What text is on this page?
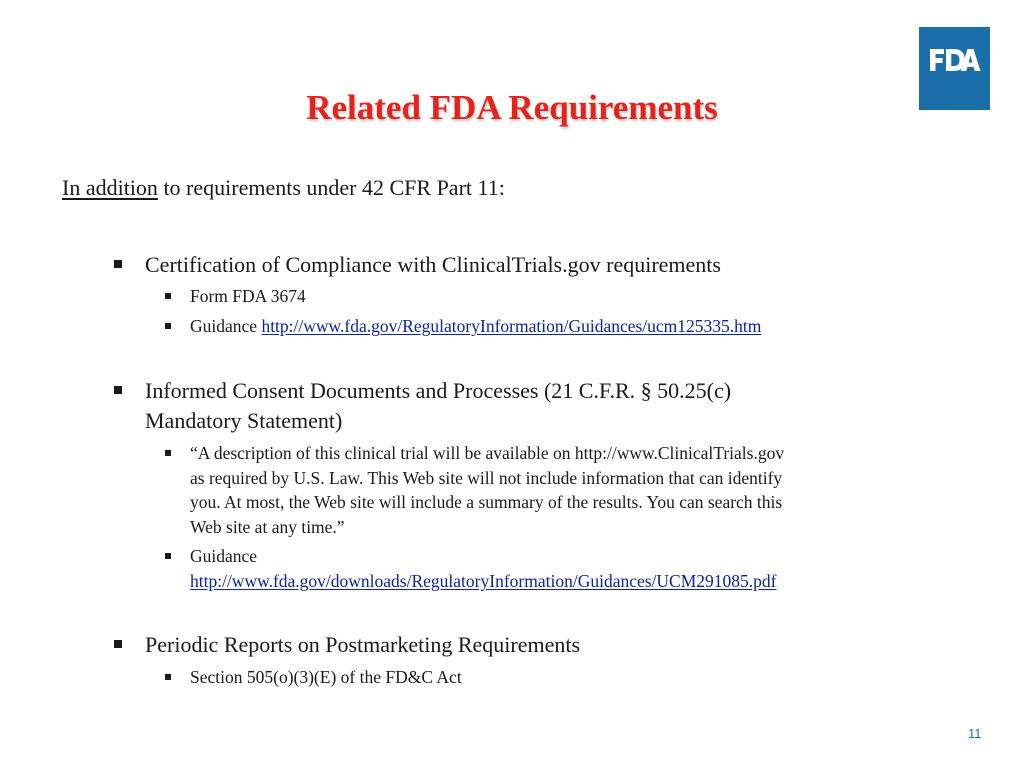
Related FDA Requirements
In addition to requirements under 42 CFR Part 11:
Certification of Compliance with ClinicalTrials.gov requirements
Form FDA 3674
Guidance http://www.fda.gov/RegulatoryInformation/Guidances/ucm125335.htm
Informed Consent Documents and Processes (21 C.F.R. § 50.25(c)
Mandatory Statement)
“A description of this clinical trial will be available on http://www.ClinicalTrials.gov
as required by U.S. Law. This Web site will not include information that can identify
you. At most, the Web site will include a summary of the results. You can search this
Web site at any time.”
Guidance
http://www.fda.gov/downloads/RegulatoryInformation/Guidances/UCM291085.pdf
Periodic Reports on Postmarketing Requirements
Section 505(o)(3)(E) of the FD&C Act
11
